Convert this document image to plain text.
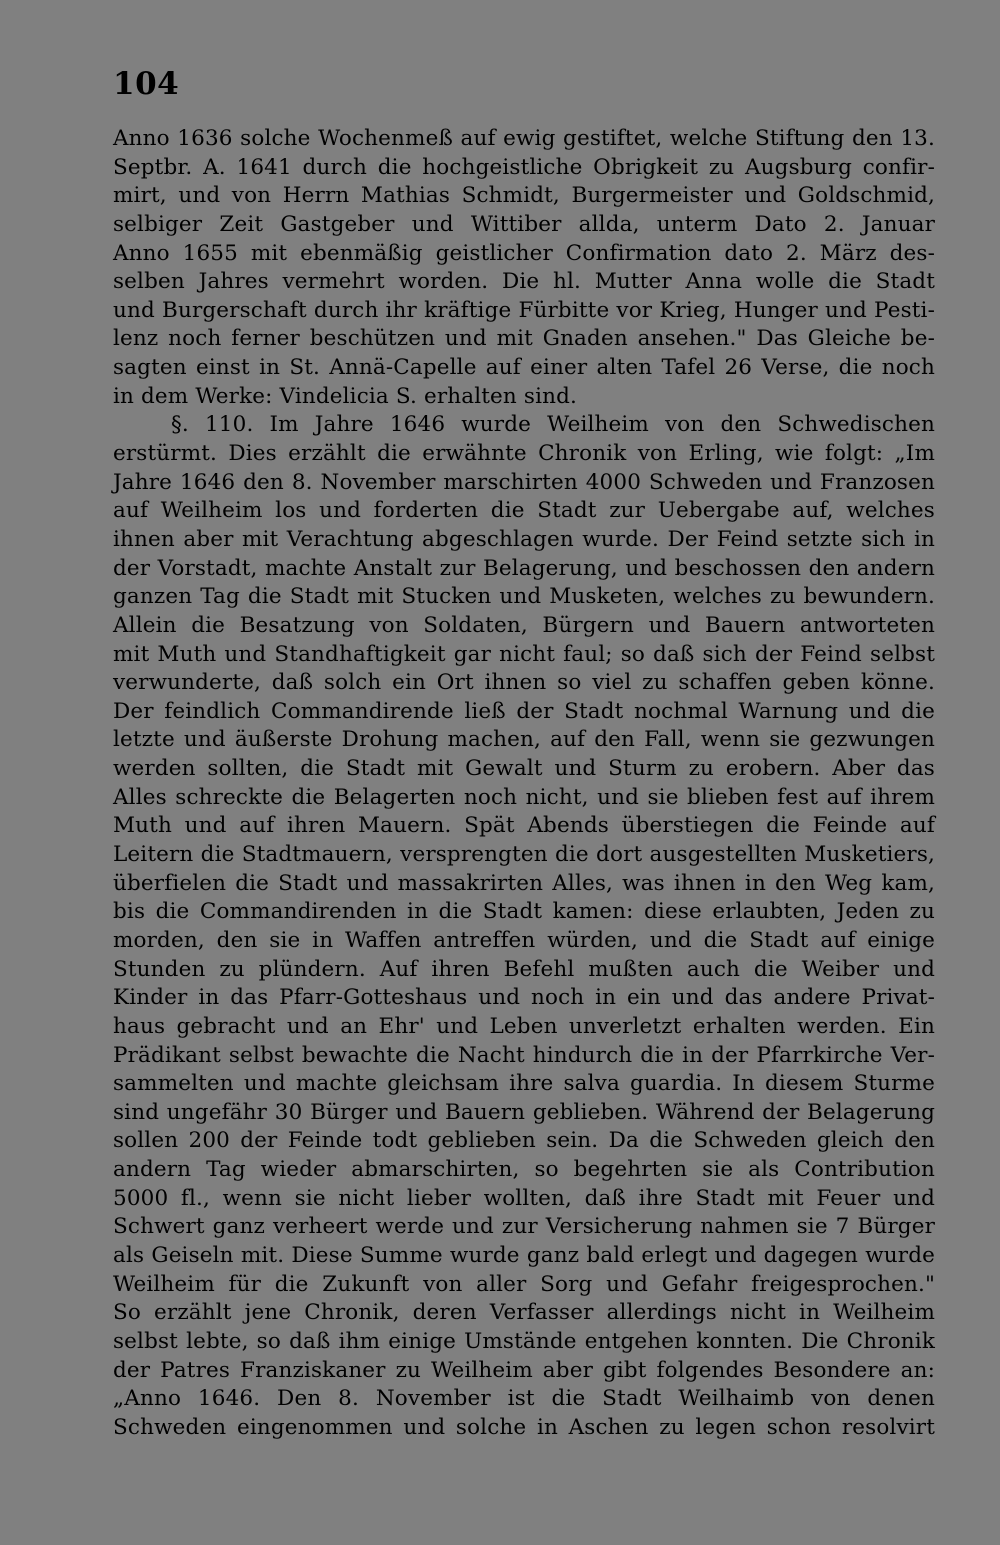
104
Anno 1636 solche Wochenmeß auf ewig gestiftet, welche Stiftung den 13.
Septbr. A. 1641 durch die hochgeistliche Obrigkeit zu Augsburg confir-
mirt, und von Herrn Mathias Schmidt, Burgermeister und Goldschmid,
selbiger Zeit Gastgeber und Wittiber allda, unterm Dato 2. Januar
Anno 1655 mit ebenmäßig geistlicher Confirmation dato 2. März des-
selben Jahres vermehrt worden. Die hl. Mutter Anna wolle die Stadt
und Burgerschaft durch ihr kräftige Fürbitte vor Krieg, Hunger und Pesti-
lenz noch ferner beschützen und mit Gnaden ansehen." Das Gleiche be-
sagten einst in St. Annä-Capelle auf einer alten Tafel 26 Verse, die noch
in dem Werke: Vindelicia S. erhalten sind.
§. 110. Im Jahre 1646 wurde Weilheim von den Schwedischen
erstürmt. Dies erzählt die erwähnte Chronik von Erling, wie folgt: „Im
Jahre 1646 den 8. November marschirten 4000 Schweden und Franzosen
auf Weilheim los und forderten die Stadt zur Uebergabe auf, welches
ihnen aber mit Verachtung abgeschlagen wurde. Der Feind setzte sich in
der Vorstadt, machte Anstalt zur Belagerung, und beschossen den andern
ganzen Tag die Stadt mit Stucken und Musketen, welches zu bewundern.
Allein die Besatzung von Soldaten, Bürgern und Bauern antworteten
mit Muth und Standhaftigkeit gar nicht faul; so daß sich der Feind selbst
verwunderte, daß solch ein Ort ihnen so viel zu schaffen geben könne.
Der feindlich Commandirende ließ der Stadt nochmal Warnung und die
letzte und äußerste Drohung machen, auf den Fall, wenn sie gezwungen
werden sollten, die Stadt mit Gewalt und Sturm zu erobern. Aber das
Alles schreckte die Belagerten noch nicht, und sie blieben fest auf ihrem
Muth und auf ihren Mauern. Spät Abends überstiegen die Feinde auf
Leitern die Stadtmauern, versprengten die dort ausgestellten Musketiers,
überfielen die Stadt und massakrirten Alles, was ihnen in den Weg kam,
bis die Commandirenden in die Stadt kamen: diese erlaubten, Jeden zu
morden, den sie in Waffen antreffen würden, und die Stadt auf einige
Stunden zu plündern. Auf ihren Befehl mußten auch die Weiber und
Kinder in das Pfarr-Gotteshaus und noch in ein und das andere Privat-
haus gebracht und an Ehr' und Leben unverletzt erhalten werden. Ein
Prädikant selbst bewachte die Nacht hindurch die in der Pfarrkirche Ver-
sammelten und machte gleichsam ihre salva guardia. In diesem Sturme
sind ungefähr 30 Bürger und Bauern geblieben. Während der Belagerung
sollen 200 der Feinde todt geblieben sein. Da die Schweden gleich den
andern Tag wieder abmarschirten, so begehrten sie als Contribution
5000 fl., wenn sie nicht lieber wollten, daß ihre Stadt mit Feuer und
Schwert ganz verheert werde und zur Versicherung nahmen sie 7 Bürger
als Geiseln mit. Diese Summe wurde ganz bald erlegt und dagegen wurde
Weilheim für die Zukunft von aller Sorg und Gefahr freigesprochen."
So erzählt jene Chronik, deren Verfasser allerdings nicht in Weilheim
selbst lebte, so daß ihm einige Umstände entgehen konnten. Die Chronik
der Patres Franziskaner zu Weilheim aber gibt folgendes Besondere an:
„Anno 1646. Den 8. November ist die Stadt Weilhaimb von denen
Schweden eingenommen und solche in Aschen zu legen schon resolvirt
